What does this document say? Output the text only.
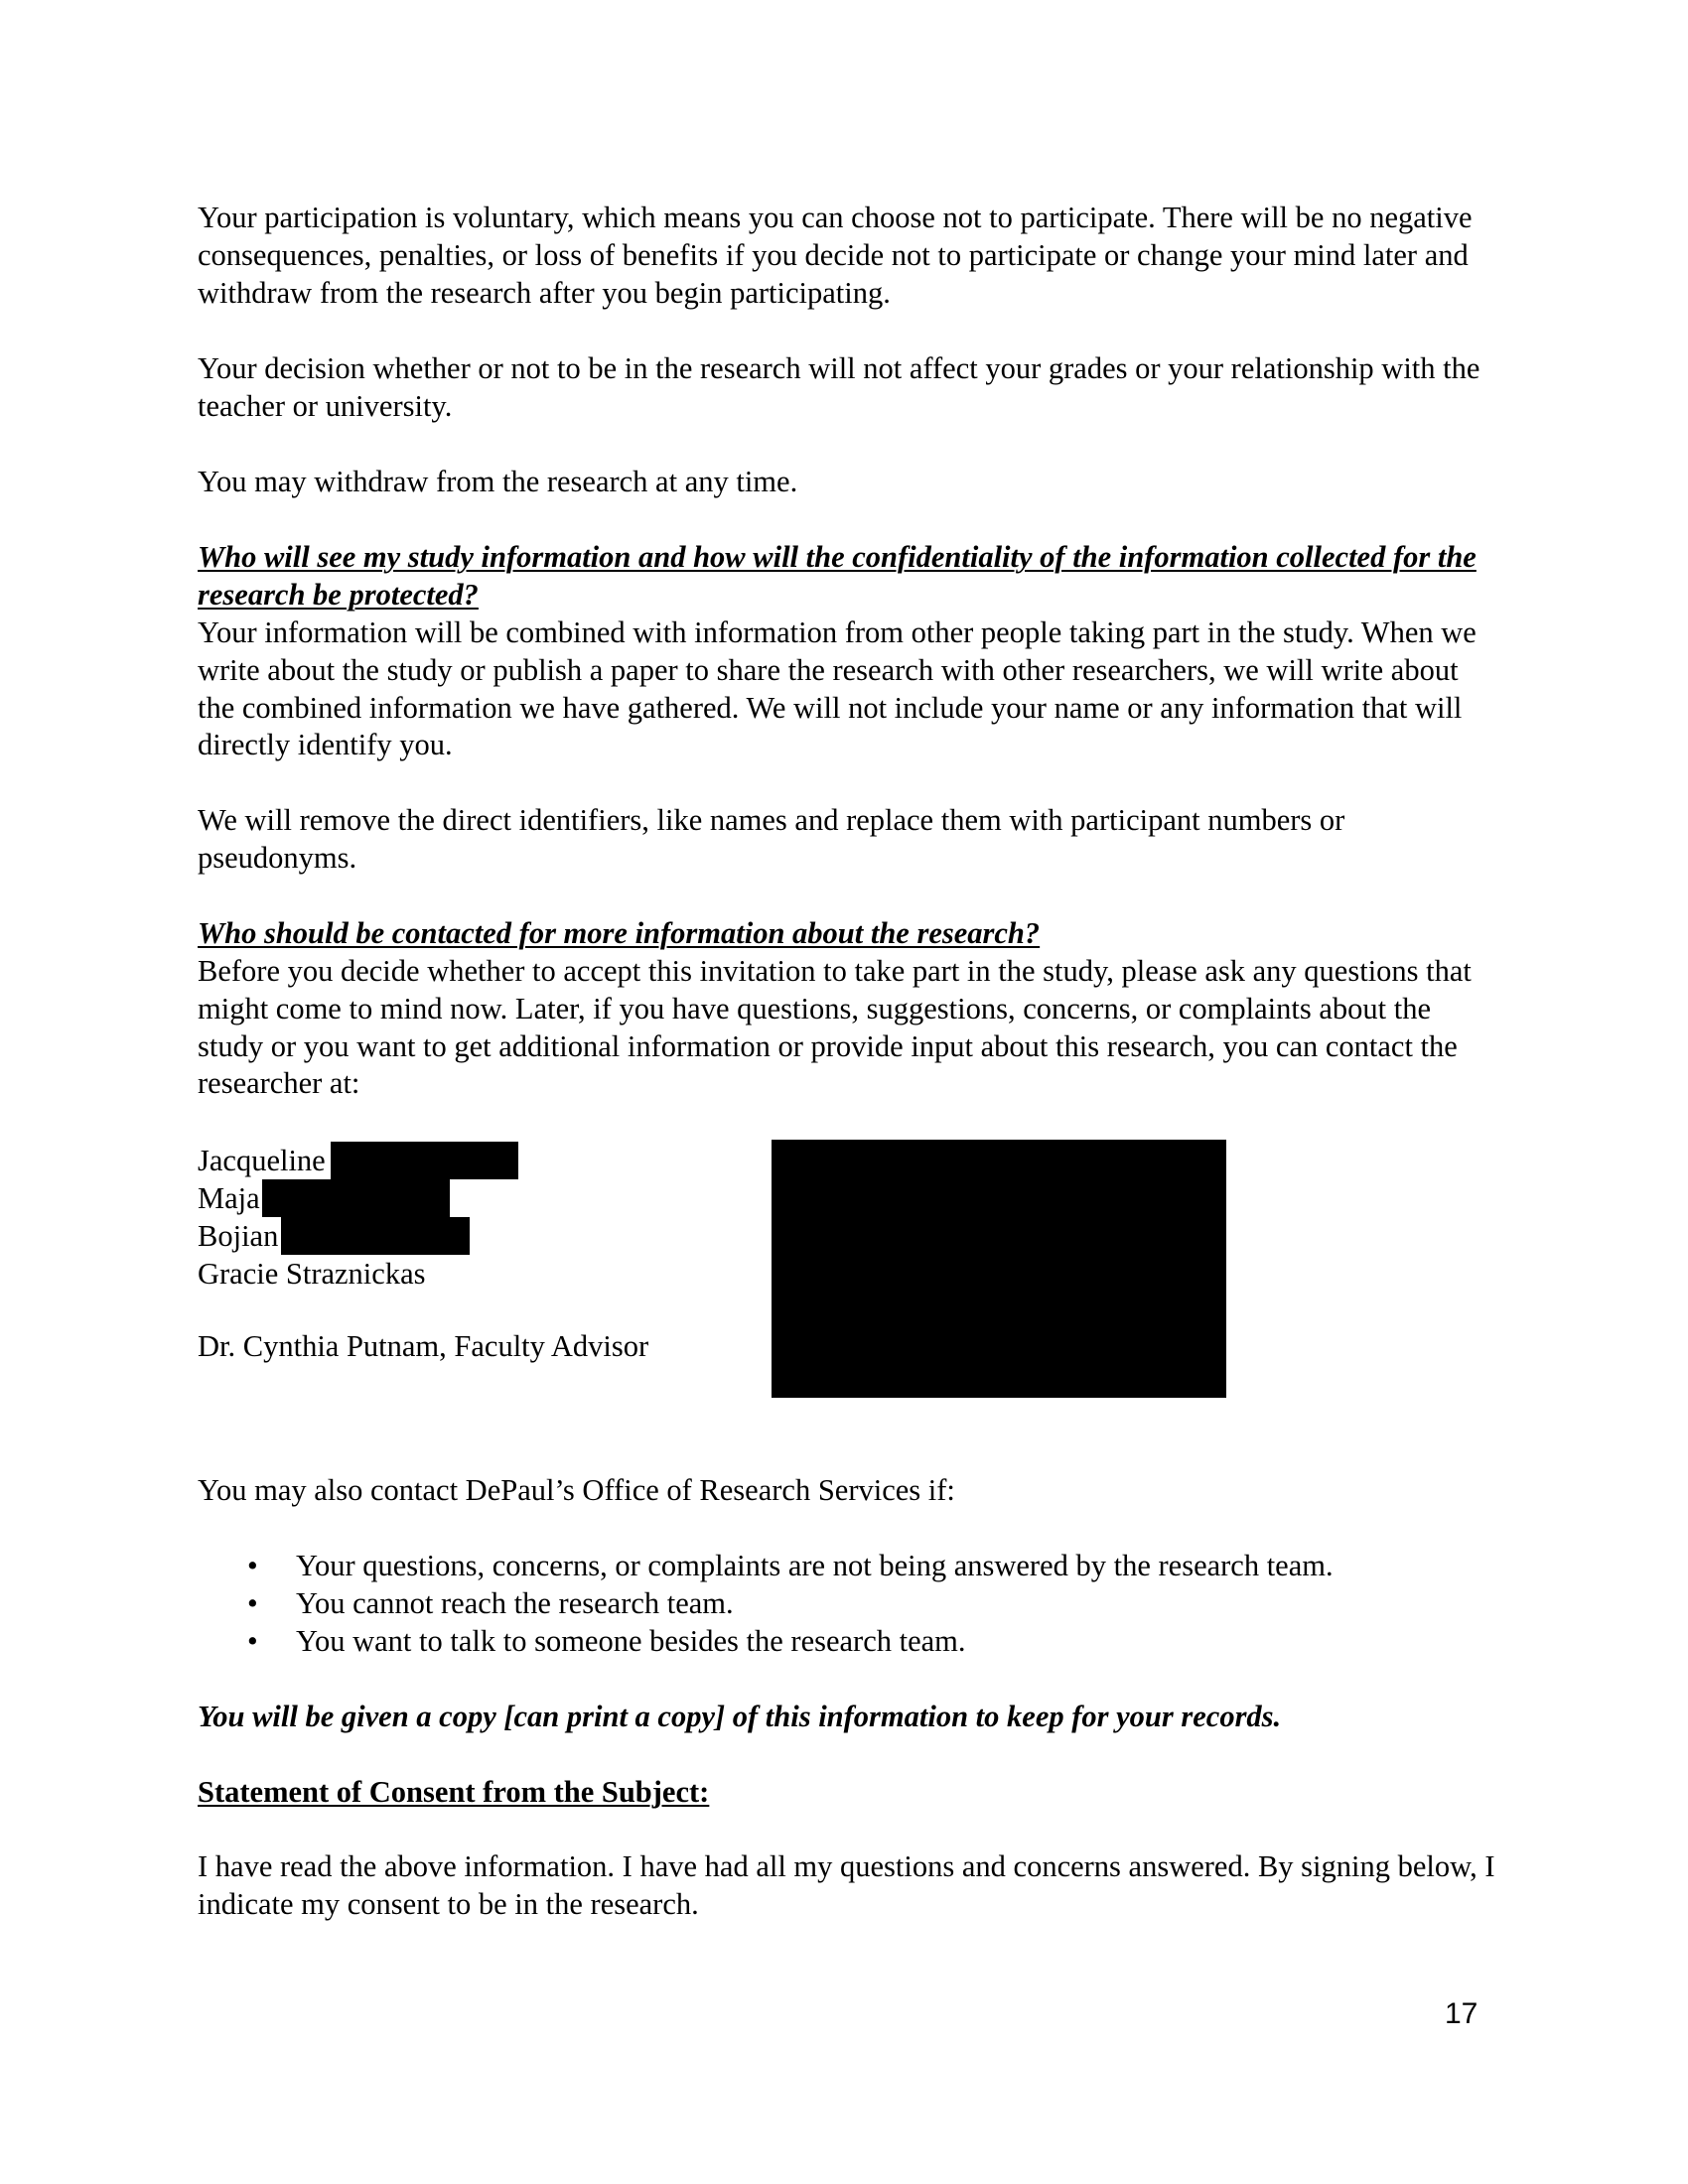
Your participation is voluntary, which means you can choose not to participate. There will be no negative consequences, penalties, or loss of benefits if you decide not to participate or change your mind later and withdraw from the research after you begin participating.

Your decision whether or not to be in the research will not affect your grades or your relationship with the teacher or university.

You may withdraw from the research at any time.

Who will see my study information and how will the confidentiality of the information collected for the research be protected?

Your information will be combined with information from other people taking part in the study. When we write about the study or publish a paper to share the research with other researchers, we will write about the combined information we have gathered. We will not include your name or any information that will directly identify you.

We will remove the direct identifiers, like names and replace them with participant numbers or pseudonyms.

Who should be contacted for more information about the research?

Before you decide whether to accept this invitation to take part in the study, please ask any questions that might come to mind now. Later, if you have questions, suggestions, concerns, or complaints about the study or you want to get additional information or provide input about this research, you can contact the researcher at:

Jacqueline
Maja
Bojian
Gracie Straznickas
Dr. Cynthia Putnam, Faculty Advisor

You may also contact DePaul’s Office of Research Services if:

• Your questions, concerns, or complaints are not being answered by the research team.
• You cannot reach the research team.
• You want to talk to someone besides the research team.

You will be given a copy [can print a copy] of this information to keep for your records.

Statement of Consent from the Subject:

I have read the above information. I have had all my questions and concerns answered. By signing below, I indicate my consent to be in the research.

17
